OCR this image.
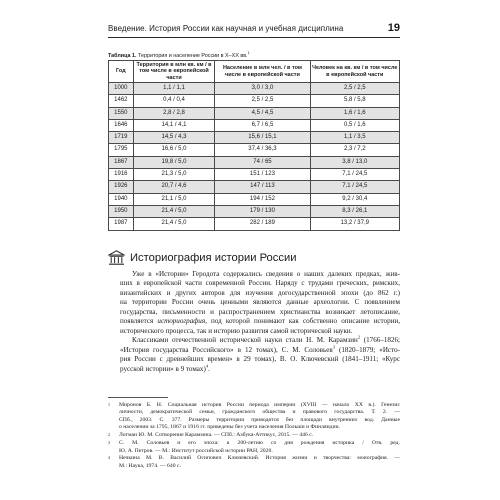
Введение. История России как научная и учебная дисциплина	19
Таблица 1. Территория и население России в X–XX вв.$^1$
Год	Территория в млн кв. км / в том числе в европейской части	Население в млн чел. / в том числе в европейской части	Человек на кв. км / в том числе в европейской части
1000	1,1 / 1,1	3,0 / 3,0	2,5 / 2,5
1462	0,4 / 0,4	2,5 / 2,5	5,8 / 5,8
1550	2,8 / 2,8	4,5 / 4,5	1,6 / 1,6
1646	14,1 / 4,1	6,7 / 6,5	0,5 / 1,6
1719	14,5 / 4,3	15,6 / 15,1	1,1 / 3,5
1795	16,6 / 5,0	37,4 / 36,3	2,3 / 7,2
1867	19,8 / 5,0	74 / 65	3,8 / 13,0
1916	21,3 / 5,0	151 / 123	7,1 / 24,5
1926	20,7 / 4,6	147 / 113	7,1 / 24,5
1940	21,1 / 5,0	194 / 152	9,2 / 30,4
1950	21,4 / 5,0	179 / 130	8,3 / 26,1
1987	21,4 / 5,0	282 / 189	13,2 / 37,9
Историография истории России

Уже в «Истории» Геродота содержались сведения о наших далеких предках, жив-
ших в европейской части современной России. Наряду с трудами греческих, римских,
византийских и других авторов для изучения догосударственной эпохи (до 862 г.)
на территории России очень ценными являются данные археологии. С появлением
государства, письменности и распространением христианства возникает летописание,
появляется историография, под которой понимают как собственно описание истории,
исторического процесса, так и историю развития самой исторической науки.

Классиками отечественной исторической науки стали Н. М. Карамзин$^2$ (1766–1826;
«История государства Российского» в 12 томах), С. М. Соловьев$^3$ (1820–1879; «Исто-
рия России с древнейших времен» в 29 томах), В. О. Ключевский (1841–1911; «Курс
русской истории» в 9 томах)$^4$.

1 Миронов Б. Н. Социальная история России периода империи (XVIII — начало XX в.). Генезис
личности, демократической семьи, гражданского общества и правового государства. Т. 2. —
СПб., 2003. С. 377. Размеры территории приводятся без площади внутренних вод. Данные
о населении за 1795, 1867 и 1916 гг. приведены без учета населения Польши и Финляндии.
2 Лотман Ю. М. Сотворение Карамзина. — СПб.: Азбука-Аттикус, 2015. — 446 с.
3 С. М. Соловьев и его эпоха: к 200-летию со дня рождения историка / Отв. ред.
Ю. А. Петров. — М.: Институт российской истории РАН, 2020.
4 Нечкина М. В. Василий Осипович Ключевский. История жизни и творчества: монография. —
М.: Наука, 1974. — 640 с.
